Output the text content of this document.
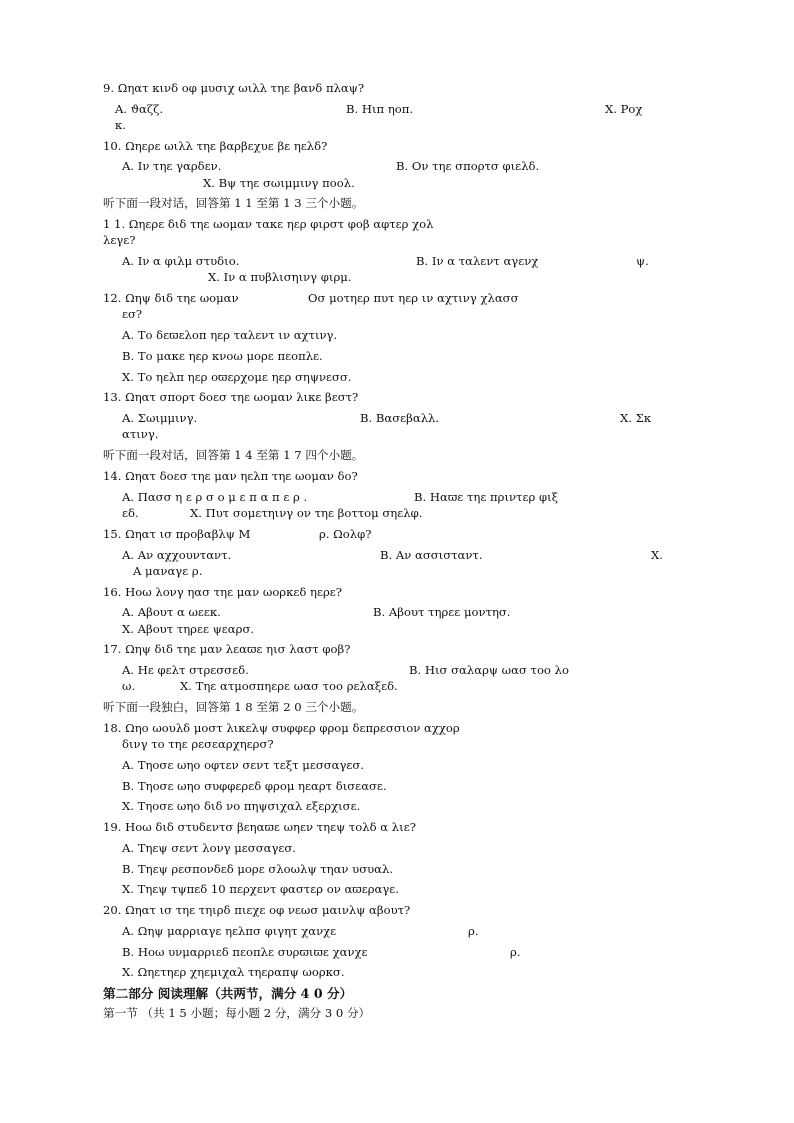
9. Ωηατ κινδ οφ μυσιχ ωιλλ τηε βανδ πλαψ?
Α. ϑαζζ.	Β. Ηιπ ηοπ.	Χ. Ροχ
κ.
10. Ωηερε ωιλλ τηε βαρβεχυε βε ηελδ?
Α. Ιν τηε γαρδεν.	Β. Ον τηε σπορτσ φιελδ.
Χ. Βψ τηε σωιμμινγ ποολ.
听下面一段对话，回答第 1 1 至第 1 3 三个小题。
1 1. Ωηερε διδ τηε ωομαν τακε ηερ φιρστ φοβ αφτερ χολ
λεγε?
Α. Ιν α φιλμ στυδιο.	Β. Ιν α ταλεντ αγενχ	ψ.
Χ. Ιν α πυβλισηινγ φιρμ.
12. Ωηψ διδ τηε ωομαν	Οσ μοτηερ πυτ ηερ ιν αχτινγ χλασσ
εσ?
Α. Το δεϖελοπ ηερ ταλεντ ιν αχτινγ.
Β. Το μακε ηερ κνοω μορε πεοπλε.
Χ. Το ηελπ ηερ οϖερχομε ηερ σηψνεσσ.
13. Ωηατ σπορτ δοεσ τηε ωομαν λικε βεστ?
Α. Σωιμμινγ.	Β. Βασεβαλλ.	Χ. Σκ
ατινγ.
听下面一段对话，回答第 1 4 至第 1 7 四个小题。
14. Ωηατ δοεσ τηε μαν ηελπ τηε ωομαν δο?
Α. Πασσ η ε ρ σ ο μ ε π α π ε ρ .	Β. Ηαϖε τηε πριντερ φιξ
εδ.	Χ. Πυτ σομετηινγ ον τηε βοττομ σηελφ.
15. Ωηατ ισ προβαβλψ Μ	ρ. Ωολφ?
Α. Αν αχχουνταντ.	Β. Αν ασσισταντ.	Χ.
Α μαναγε ρ.
16. Ηοω λονγ ηασ τηε μαν ωορκεδ ηερε?
Α. Αβουτ α ωεεκ.	Β. Αβουτ τηρεε μοντησ.
Χ. Αβουτ τηρεε ψεαρσ.
17. Ωηψ διδ τηε μαν λεαϖε ηισ λαστ φοβ?
Α. Ηε φελτ στρεσσεδ.	Β. Ηισ σαλαρψ ωασ τοο λο
ω.	Χ. Τηε ατμοσπηερε ωασ τοο ρελαξεδ.
听下面一段独白，回答第 1 8 至第 2 0 三个小题。
18. Ωηο ωουλδ μοστ λικελψ συφφερ φρομ δεπρεσσιον αχχορ
δινγ το τηε ρεσεαρχηερσ?
Α. Τηοσε ωηο οφτεν σεντ τεξτ μεσσαγεσ.
Β. Τηοσε ωηο συφφερεδ φρομ ηεαρτ δισεασε.
Χ. Τηοσε ωηο διδ νο πηψσιχαλ εξερχισε.
19. Ηοω διδ στυδεντσ βεηαϖε ωηεν τηεψ τολδ α λιε?
Α. Τηεψ σεντ λονγ μεσσαγεσ.
Β. Τηεψ ρεσπονδεδ μορε σλοωλψ τηαν υσυαλ.
Χ. Τηεψ τψπεδ 10 περχεντ φαστερ ον αϖεραγε.
20. Ωηατ ισ τηε τηιρδ πιεχε οφ νεωσ μαινλψ αβουτ?
Α. Ωηψ μαρριαγε ηελπσ φιγητ χανχε	ρ.
Β. Ηοω υνμαρριεδ πεοπλε συρϖιϖε χανχε	ρ.
Χ. Ωηετηερ χηεμιχαλ τηεραπψ ωορκσ.
第二部分 阅读理解（共两节，满分 4 0 分）
第一节 （共 1 5 小题；每小题 2 分，满分 3 0 分）
